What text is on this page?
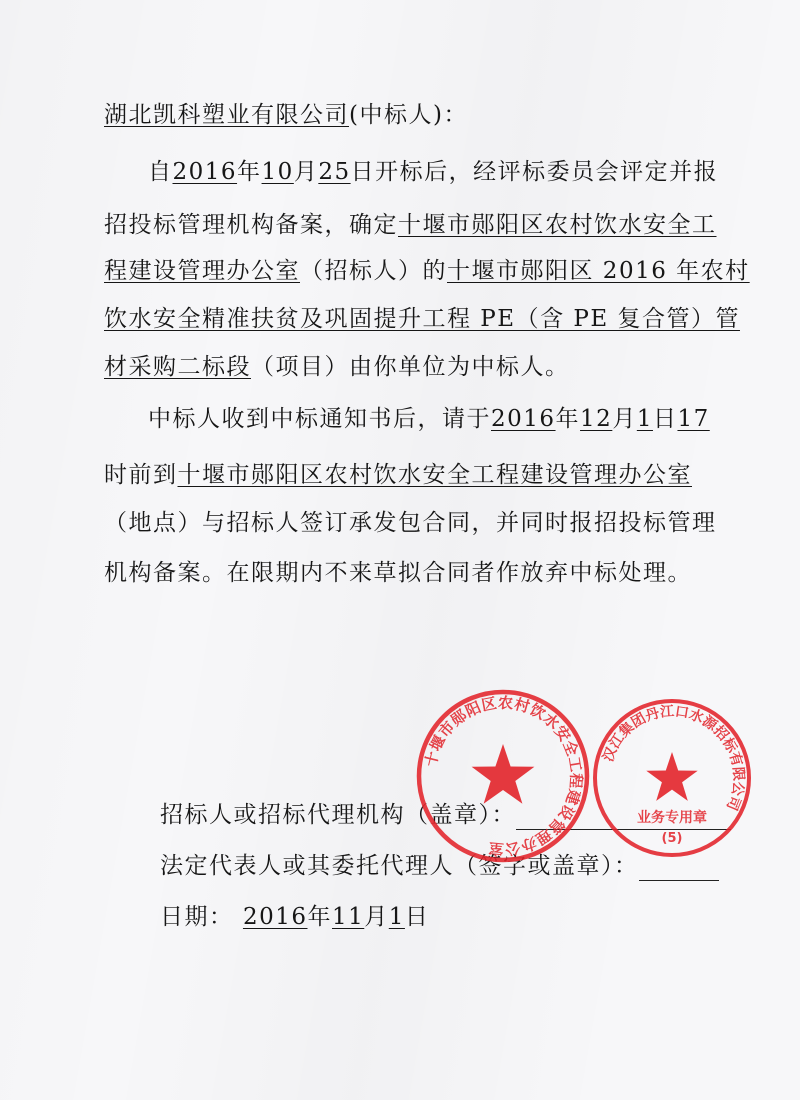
湖北凯科塑业有限公司(中标人)：
自2016年10月25日开标后，经评标委员会评定并报
招投标管理机构备案，确定十堰市郧阳区农村饮水安全工
程建设管理办公室（招标人）的十堰市郧阳区 2016 年农村
饮水安全精准扶贫及巩固提升工程 PE（含 PE 复合管）管
材采购二标段（项目）由你单位为中标人。
中标人收到中标通知书后，请于2016年12月1日17
时前到十堰市郧阳区农村饮水安全工程建设管理办公室
（地点）与招标人签订承发包合同，并同时报招投标管理
机构备案。在限期内不来草拟合同者作放弃中标处理。
招标人或招标代理机构（盖章）：
法定代表人或其委托代理人（签字或盖章）：
日期： 2016年11月1日
十堰市郧阳区农村饮水安全工程建设管理办公室
汉江集团丹江口水源招标有限公司
业务专用章
(5)
